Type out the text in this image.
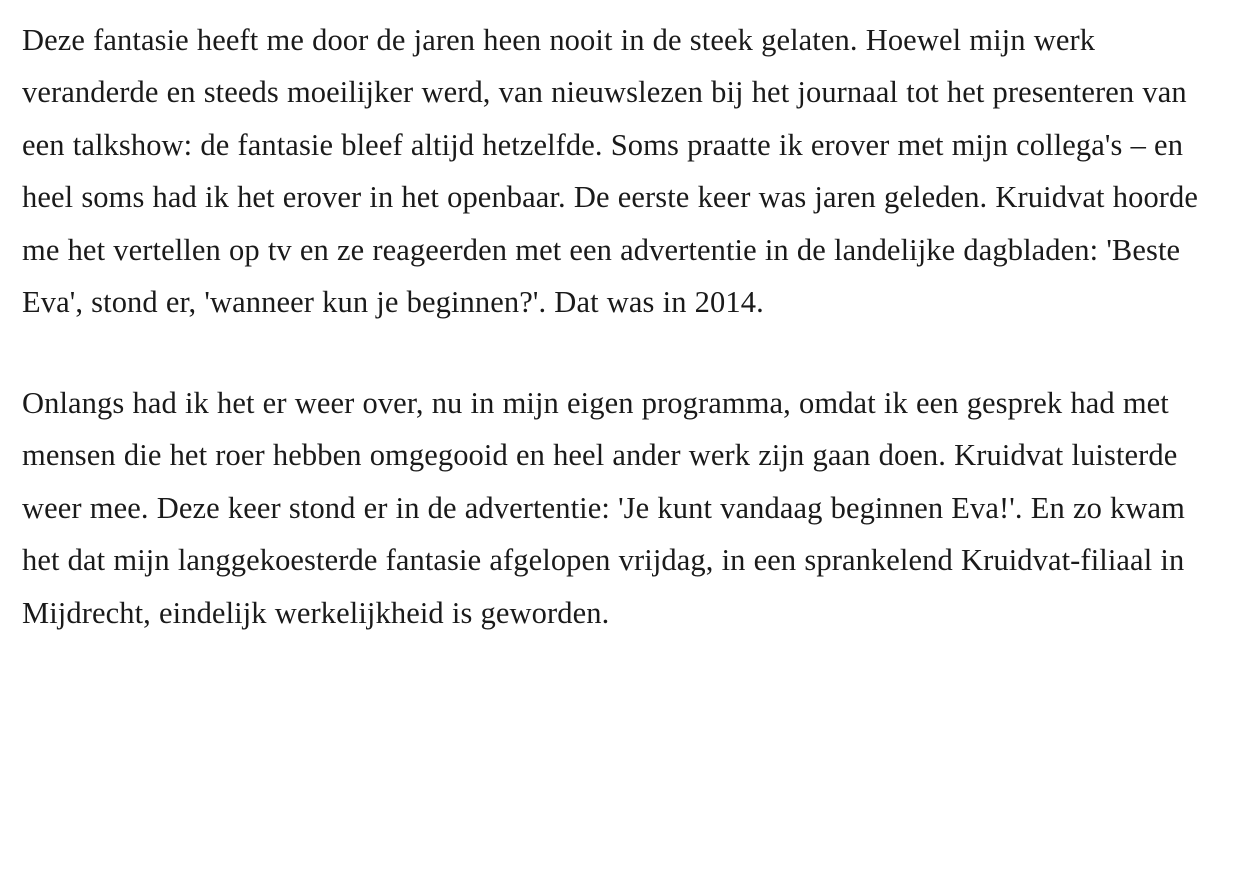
Deze fantasie heeft me door de jaren heen nooit in de steek gelaten. Hoewel mijn werk veranderde en steeds moeilijker werd, van nieuwslezen bij het journaal tot het presenteren van een talkshow: de fantasie bleef altijd hetzelfde. Soms praatte ik erover met mijn collega's – en heel soms had ik het erover in het openbaar. De eerste keer was jaren geleden. Kruidvat hoorde me het vertellen op tv en ze reageerden met een advertentie in de landelijke dagbladen: 'Beste Eva', stond er, 'wanneer kun je beginnen?'. Dat was in 2014.

Onlangs had ik het er weer over, nu in mijn eigen programma, omdat ik een gesprek had met mensen die het roer hebben omgegooid en heel ander werk zijn gaan doen. Kruidvat luisterde weer mee. Deze keer stond er in de advertentie: 'Je kunt vandaag beginnen Eva!'. En zo kwam het dat mijn langgekoesterde fantasie afgelopen vrijdag, in een sprankelend Kruidvat-filiaal in Mijdrecht, eindelijk werkelijkheid is geworden.
